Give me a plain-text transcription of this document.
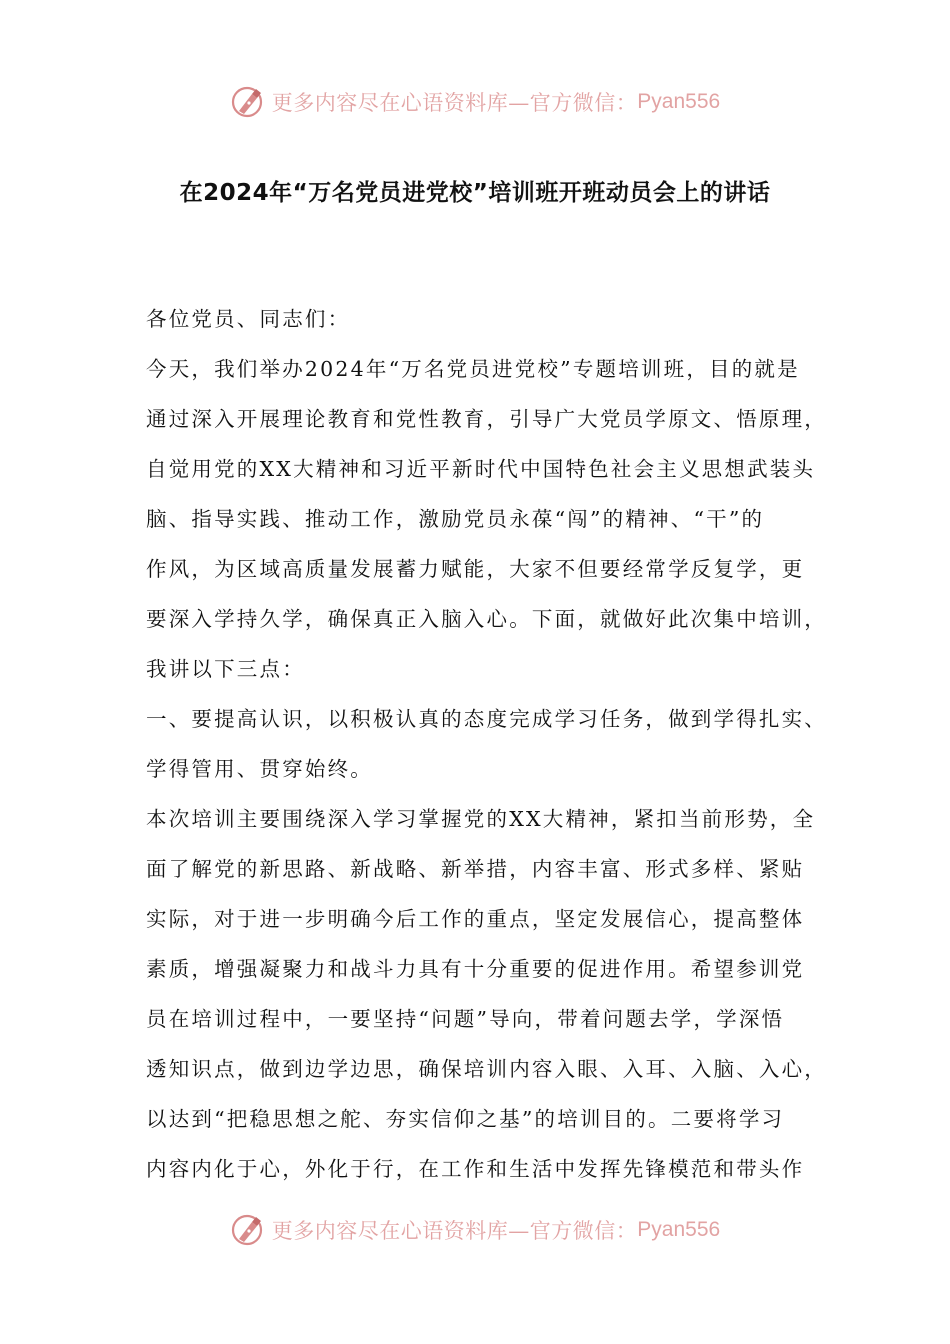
更多内容尽在心语资料库—官方微信： Pyan556
在2024年“万名党员进党校”培训班开班动员会上的讲话
各位党员、同志们：
今天，我们举办2024年“万名党员进党校”专题培训班，目的就是
通过深入开展理论教育和党性教育，引导广大党员学原文、悟原理，
自觉用党的XX大精神和习近平新时代中国特色社会主义思想武装头
脑、指导实践、推动工作，激励党员永葆“闯”的精神、“干”的
作风，为区域高质量发展蓄力赋能，大家不但要经常学反复学，更
要深入学持久学，确保真正入脑入心。下面，就做好此次集中培训，
我讲以下三点：
一、要提高认识，以积极认真的态度完成学习任务，做到学得扎实、
学得管用、贯穿始终。
本次培训主要围绕深入学习掌握党的XX大精神，紧扣当前形势，全
面了解党的新思路、新战略、新举措，内容丰富、形式多样、紧贴
实际，对于进一步明确今后工作的重点，坚定发展信心，提高整体
素质，增强凝聚力和战斗力具有十分重要的促进作用。希望参训党
员在培训过程中，一要坚持“问题”导向，带着问题去学，学深悟
透知识点，做到边学边思，确保培训内容入眼、入耳、入脑、入心，
以达到“把稳思想之舵、夯实信仰之基”的培训目的。二要将学习
内容内化于心，外化于行，在工作和生活中发挥先锋模范和带头作
更多内容尽在心语资料库—官方微信： Pyan556
